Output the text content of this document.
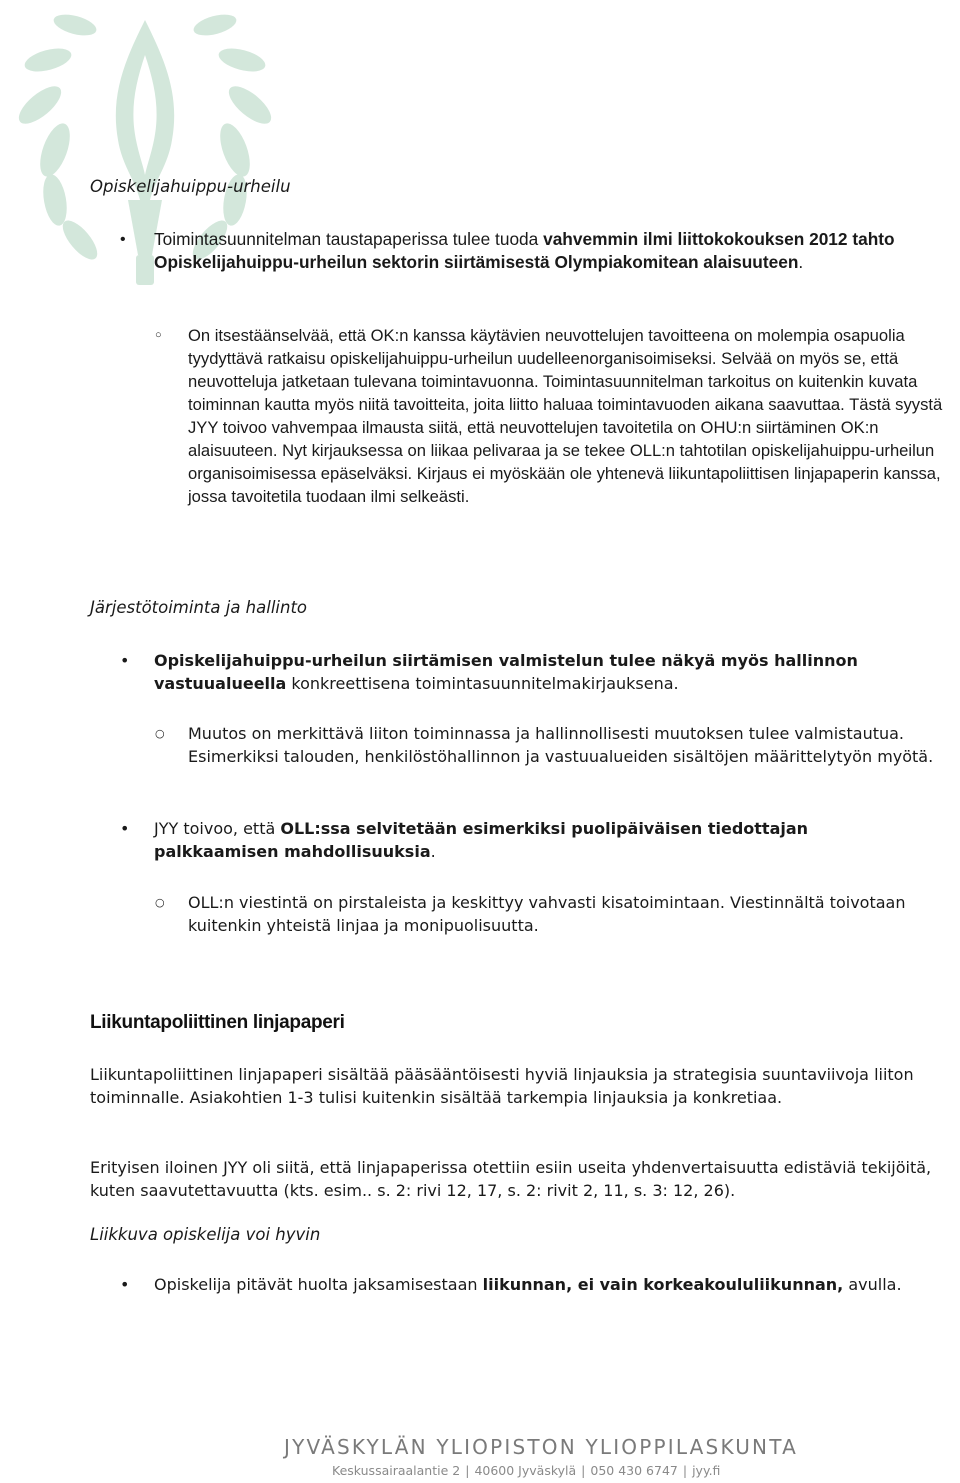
Opiskelijahuippu-urheilu
• Toimintasuunnitelman taustapaperissa tulee tuoda vahvemmin ilmi liittokokouksen 2012 tahto Opiskelijahuippu-urheilun sektorin siirtämisestä Olympiakomitean alaisuuteen.
○ On itsestäänselvää, että OK:n kanssa käytävien neuvottelujen tavoitteena on molempia osapuolia tyydyttävä ratkaisu opiskelijahuippu-urheilun uudelleenorganisoimiseksi. Selvää on myös se, että neuvotteluja jatketaan tulevana toimintavuonna. Toimintasuunnitelman tarkoitus on kuitenkin kuvata toiminnan kautta myös niitä tavoitteita, joita liitto haluaa toimintavuoden aikana saavuttaa. Tästä syystä JYY toivoo vahvempaa ilmausta siitä, että neuvottelujen tavoitetila on OHU:n siirtäminen OK:n alaisuuteen. Nyt kirjauksessa on liikaa pelivaraa ja se tekee OLL:n tahtotilan opiskelijahuippu-urheilun organisoimisessa epäselväksi. Kirjaus ei myöskään ole yhtenevä liikuntapoliittisen linjapaperin kanssa, jossa tavoitetila tuodaan ilmi selkeästi.
Järjestötoiminta ja hallinto
• Opiskelijahuippu-urheilun siirtämisen valmistelun tulee näkyä myös hallinnon vastuualueella konkreettisena toimintasuunnitelmakirjauksena.
○ Muutos on merkittävä liiton toiminnassa ja hallinnollisesti muutoksen tulee valmistautua. Esimerkiksi talouden, henkilöstöhallinnon ja vastuualueiden sisältöjen määrittelytyön myötä.
• JYY toivoo, että OLL:ssa selvitetään esimerkiksi puolipäiväisen tiedottajan palkkaamisen mahdollisuuksia.
○ OLL:n viestintä on pirstaleista ja keskittyy vahvasti kisatoimintaan. Viestinnältä toivotaan kuitenkin yhteistä linjaa ja monipuolisuutta.
Liikuntapoliittinen linjapaperi
Liikuntapoliittinen linjapaperi sisältää pääsääntöisesti hyviä linjauksia ja strategisia suuntaviivoja liiton toiminnalle. Asiakohtien 1-3 tulisi kuitenkin sisältää tarkempia linjauksia ja konkretiaa.
Erityisen iloinen JYY oli siitä, että linjapaperissa otettiin esiin useita yhdenvertaisuutta edistäviä tekijöitä, kuten saavutettavuutta (kts. esim.. s. 2: rivi 12, 17, s. 2: rivit 2, 11, s. 3: 12, 26).
Liikkuva opiskelija voi hyvin
• Opiskelija pitävät huolta jaksamisestaan liikunnan, ei vain korkeakoululiikunnan, avulla.
JYVÄSKYLÄN YLIOPISTON YLIOPPILASKUNTA
Keskussairaalantie 2 | 40600 Jyväskylä | 050 430 6747 | jyy.fi
